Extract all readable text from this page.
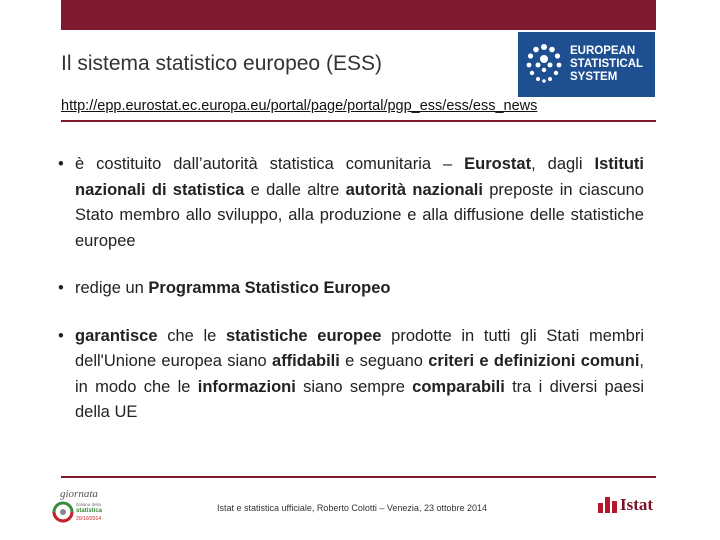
Il sistema statistico europeo (ESS)
EUROPEAN
STATISTICAL
SYSTEM
http://epp.eurostat.ec.europa.eu/portal/page/portal/pgp_ess/ess/ess_news

• è costituito dall’autorità statistica comunitaria – Eurostat, dagli Istituti nazionali di statistica e dalle altre autorità nazionali preposte in ciascuno Stato membro allo sviluppo, alla produzione e alla diffusione delle statistiche europee

• redige un Programma Statistico Europeo

• garantisce che le statistiche europee prodotte in tutti gli Stati membri dell'Unione europea siano affidabili e seguano criteri e definizioni comuni, in modo che le informazioni siano sempre comparabili tra i diversi paesi della UE

giornata
italiana della
statistica
20/10/2014
Istat e statistica ufficiale, Roberto Colotti – Venezia, 23 ottobre 2014	Istat
